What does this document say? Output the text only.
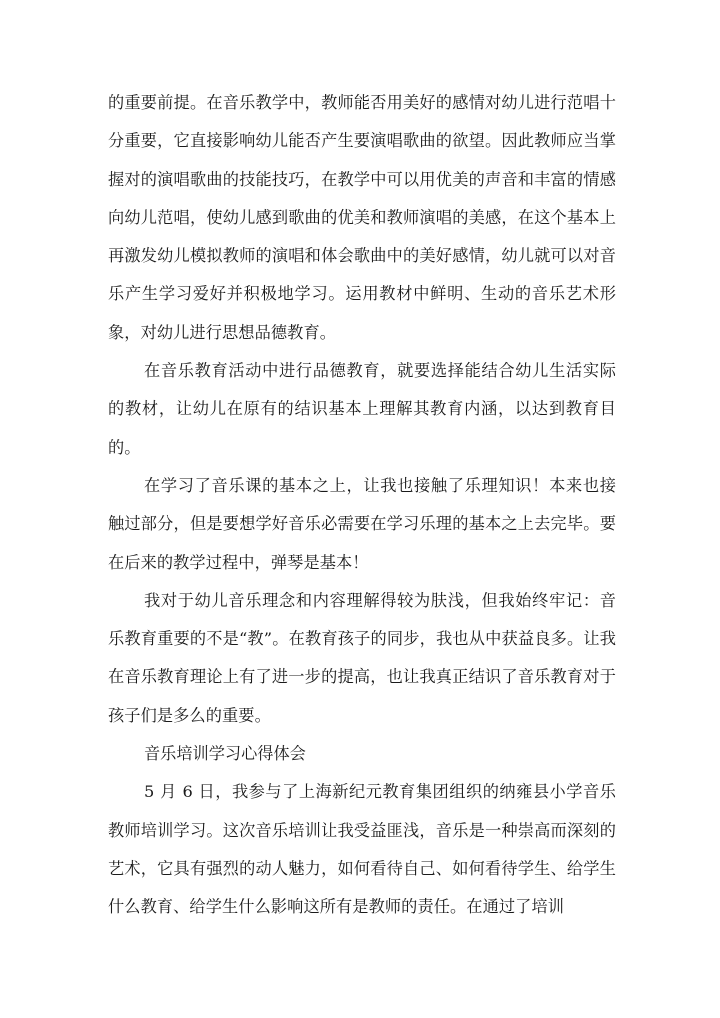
的重要前提。在音乐教学中，教师能否用美好的感情对幼儿进行范唱十分重要，它直接影响幼儿能否产生要演唱歌曲的欲望。因此教师应当掌握对的演唱歌曲的技能技巧，在教学中可以用优美的声音和丰富的情感向幼儿范唱，使幼儿感到歌曲的优美和教师演唱的美感，在这个基本上再激发幼儿模拟教师的演唱和体会歌曲中的美好感情，幼儿就可以对音乐产生学习爱好并积极地学习。运用教材中鲜明、生动的音乐艺术形象，对幼儿进行思想品德教育。

在音乐教育活动中进行品德教育，就要选择能结合幼儿生活实际的教材，让幼儿在原有的结识基本上理解其教育内涵，以达到教育目的。

在学习了音乐课的基本之上，让我也接触了乐理知识！本来也接触过部分，但是要想学好音乐必需要在学习乐理的基本之上去完毕。要在后来的教学过程中，弹琴是基本！

我对于幼儿音乐理念和内容理解得较为肤浅，但我始终牢记：音乐教育重要的不是“教”。在教育孩子的同步，我也从中获益良多。让我在音乐教育理论上有了进一步的提高，也让我真正结识了音乐教育对于孩子们是多么的重要。

音乐培训学习心得体会

5 月 6 日，我参与了上海新纪元教育集团组织的纳雍县小学音乐教师培训学习。这次音乐培训让我受益匪浅，音乐是一种崇高而深刻的艺术，它具有强烈的动人魅力，如何看待自己、如何看待学生、给学生什么教育、给学生什么影响这所有是教师的责任。在通过了培训
